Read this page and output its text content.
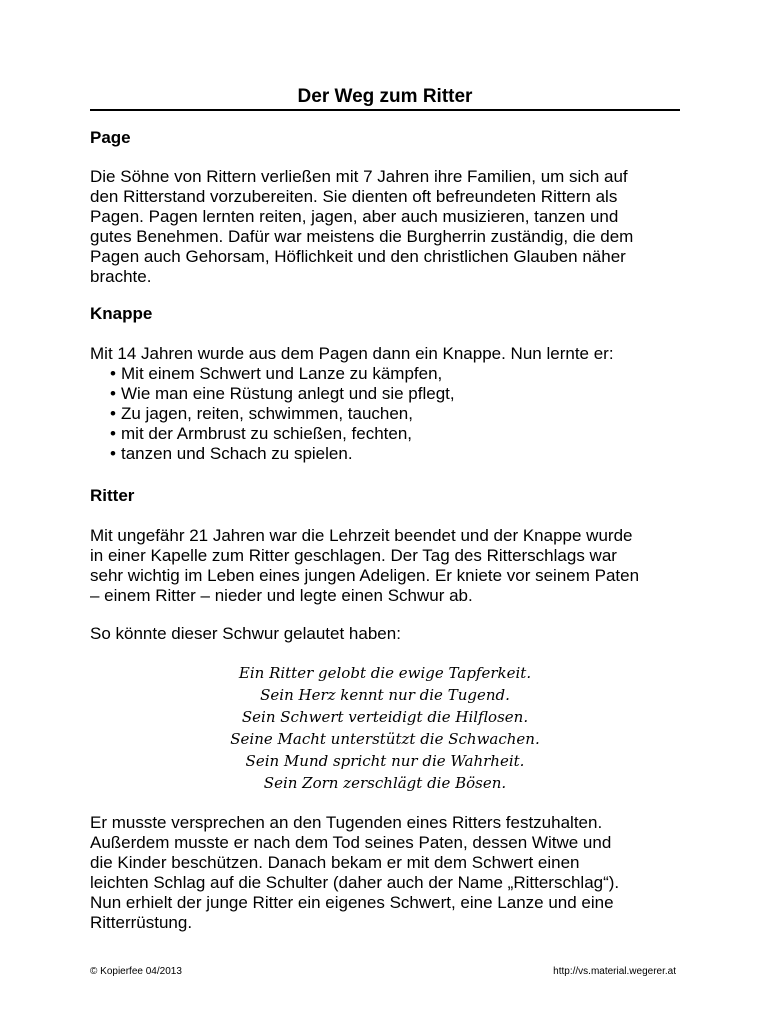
Der Weg zum Ritter
Page

Die Söhne von Rittern verließen mit 7 Jahren ihre Familien, um sich auf

den Ritterstand vorzubereiten. Sie dienten oft befreundeten Rittern als

Pagen. Pagen lernten reiten, jagen, aber auch musizieren, tanzen und

gutes Benehmen. Dafür war meistens die Burgherrin zuständig, die dem

Pagen auch Gehorsam, Höflichkeit und den christlichen Glauben näher

brachte.

Knappe

Mit 14 Jahren wurde aus dem Pagen dann ein Knappe. Nun lernte er:

• Mit einem Schwert und Lanze zu kämpfen,
• Wie man eine Rüstung anlegt und sie pflegt,
• Zu jagen, reiten, schwimmen, tauchen,
• mit der Armbrust zu schießen, fechten,
• tanzen und Schach zu spielen.
Ritter

Mit ungefähr 21 Jahren war die Lehrzeit beendet und der Knappe wurde

in einer Kapelle zum Ritter geschlagen. Der Tag des Ritterschlags war

sehr wichtig im Leben eines jungen Adeligen. Er kniete vor seinem Paten

– einem Ritter – nieder und legte einen Schwur ab.

So könnte dieser Schwur gelautet haben:

Ein Ritter gelobt die ewige Tapferkeit.
Sein Herz kennt nur die Tugend.
Sein Schwert verteidigt die Hilflosen.
Seine Macht unterstützt die Schwachen.
Sein Mund spricht nur die Wahrheit.
Sein Zorn zerschlägt die Bösen.

Er musste versprechen an den Tugenden eines Ritters festzuhalten.

Außerdem musste er nach dem Tod seines Paten, dessen Witwe und

die Kinder beschützen. Danach bekam er mit dem Schwert einen

leichten Schlag auf die Schulter (daher auch der Name „Ritterschlag“).

Nun erhielt der junge Ritter ein eigenes Schwert, eine Lanze und eine

Ritterrüstung.

© Kopierfee 04/2013	http://vs.material.wegerer.at
